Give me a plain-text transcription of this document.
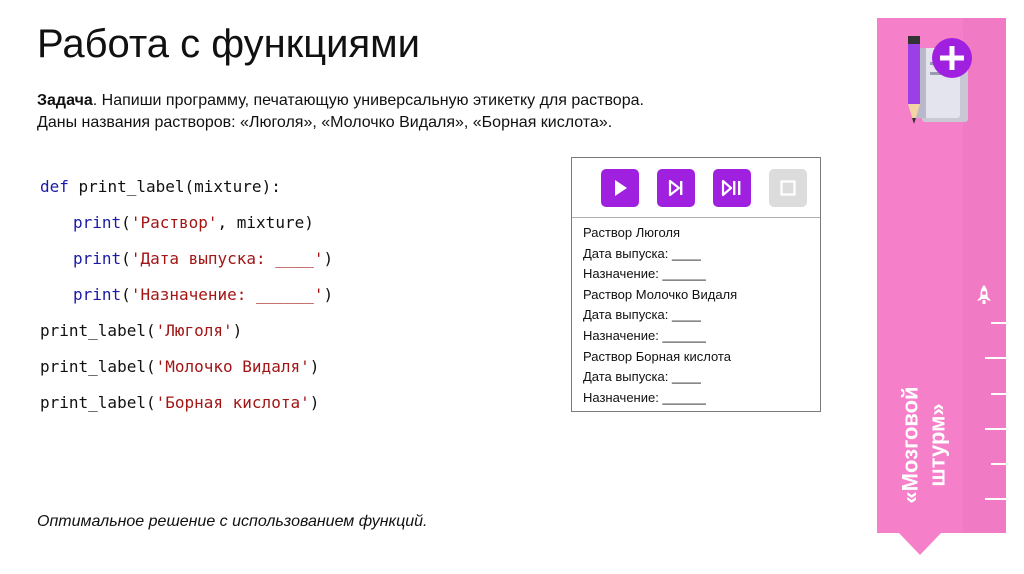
Работа с функциями
Задача. Напиши программу, печатающую универсальную этикетку для раствора.
Даны названия растворов: «Люголя», «Молочко Видаля», «Борная кислота».
def print_label(mixture):
print('Раствор', mixture)
print('Дата выпуска: ____')
print('Назначение: ______')
print_label('Люголя')
print_label('Молочко Видаля')
print_label('Борная кислота')
Раствор Люголя
Дата выпуска: ____
Назначение: ______
Раствор Молочко Видаля
Дата выпуска: ____
Назначение: ______
Раствор Борная кислота
Дата выпуска: ____
Назначение: ______
Оптимальное решение с использованием функций.
«Мозговой штурм»
